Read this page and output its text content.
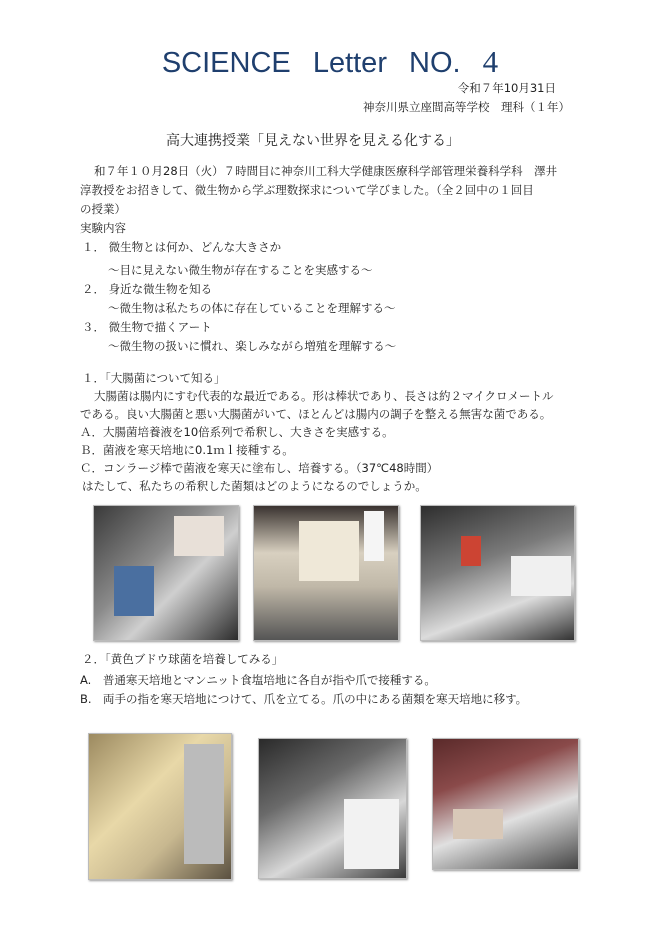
SCIENCE Letter NO. 4
令和７年10月31日
神奈川県立座間高等学校　理科（１年）
高大連携授業「見えない世界を見える化する」
和７年１０月28日（火）７時間目に神奈川工科大学健康医療科学部管理栄養科学科　澤井
淳教授をお招きして、微生物から学ぶ理数探求について学びました。（全２回中の１回目
の授業）
実験内容
１． 微生物とは何か、どんな大きさか
～目に見えない微生物が存在することを実感する～
２． 身近な微生物を知る
～微生物は私たちの体に存在していることを理解する～
３． 微生物で描くアート
～微生物の扱いに慣れ、楽しみながら増殖を理解する～
１．「大腸菌について知る」
大腸菌は腸内にすむ代表的な最近である。形は棒状であり、長さは約２マイクロメートル
である。良い大腸菌と悪い大腸菌がいて、ほとんどは腸内の調子を整える無害な菌である。
Ａ．大腸菌培養液を10倍系列で希釈し、大きさを実感する。
Ｂ．菌液を寒天培地に0.1ｍｌ接種する。
Ｃ．コンラージ棒で菌液を寒天に塗布し、培養する。（37℃48時間）
はたして、私たちの希釈した菌類はどのようになるのでしょうか。
２．「黄色ブドウ球菌を培養してみる」
A.　普通寒天培地とマンニット食塩培地に各自が指や爪で接種する。
B.　両手の指を寒天培地につけて、爪を立てる。爪の中にある菌類を寒天培地に移す。
